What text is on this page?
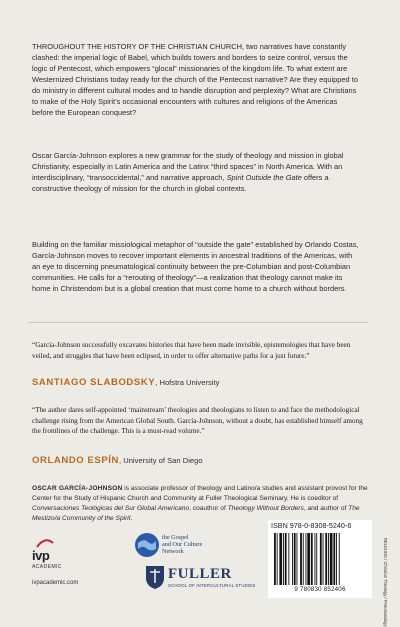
THROUGHOUT THE HISTORY OF THE CHRISTIAN CHURCH, two narratives have constantly clashed: the imperial logic of Babel, which builds towers and borders to seize control, versus the logic of Pentecost, which empowers “glocal” missionaries of the kingdom life. To what extent are Westernized Christians today ready for the church of the Pentecost narrative? Are they equipped to do ministry in different cultural modes and to handle disruption and perplexity? What are Christians to make of the Holy Spirit’s occasional encounters with cultures and religions of the Americas before the European conquest?

Oscar García-Johnson explores a new grammar for the study of theology and mission in global Christianity, especially in Latin America and the Latinx “third spaces” in North America. With an interdisciplinary, “transoccidental,” and narrative approach, Spirit Outside the Gate offers a constructive theology of mission for the church in global contexts.

Building on the familiar missiological metaphor of “outside the gate” established by Orlando Costas, García-Johnson moves to recover important elements in ancestral traditions of the Americas, with an eye to discerning pneumatological continuity between the pre-Columbian and post-Columbian communities. He calls for a “rerouting of theology”—a realization that theology cannot make its home in Christendom but is a global creation that must come home to a church without borders.

“García-Johnson successfully excavates histories that have been made invisible, epistemologies that have been veiled, and struggles that have been eclipsed, in order to offer alternative paths for a just future.”

SANTIAGO SLABODSKY, Hofstra University

“The author dares self-appointed ‘mainstream’ theologies and theologians to listen to and face the methodological challenge rising from the American Global South. García-Johnson, without a doubt, has established himself among the frontlines of the challenge. This is a must-read volume.”

ORLANDO ESPÍN, University of San Diego

OSCAR GARCÍA-JOHNSON is associate professor of theology and Latino/a studies and assistant provost for the Center for the Study of Hispanic Church and Community at Fuller Theological Seminary. He is coeditor of Conversaciones Teológicas del Sur Global Americano, coauthor of Theology Without Borders, and author of The Mestizo/a Community of the Spirit.

ivp
ACADEMIC
ivpacademic.com
the Gospel
and Our Culture
Network
FULLER
SCHOOL OF INTERCULTURAL STUDIES
ISBN 978-0-8308-5240-6
9 780830 852406	RELIGION / Christian Theology / Pneumatology
